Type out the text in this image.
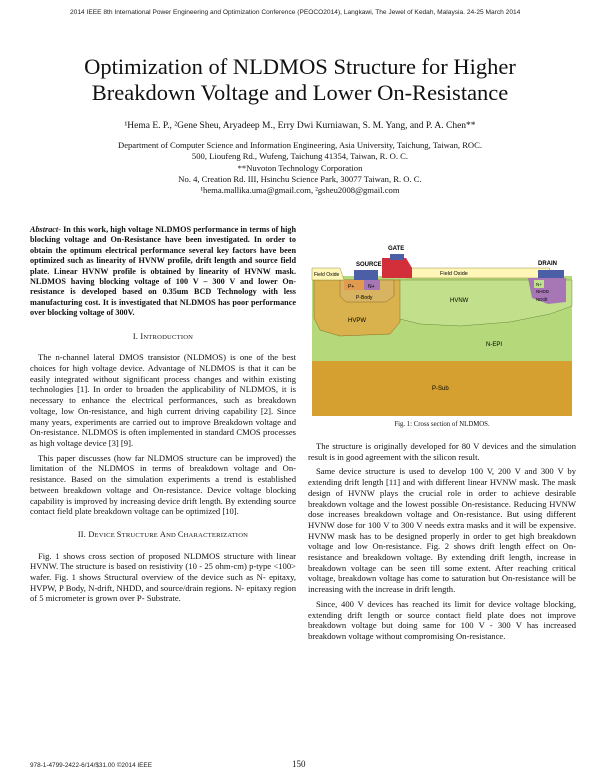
2014 IEEE 8th International Power Engineering and Optimization Conference (PEOCO2014), Langkawi, The Jewel of Kedah, Malaysia. 24-25 March 2014
Optimization of NLDMOS Structure for Higher
Breakdown Voltage and Lower On-Resistance
¹Hema E. P., ²Gene Sheu, Aryadeep M., Erry Dwi Kurniawan, S. M. Yang, and P. A. Chen**
Department of Computer Science and Information Engineering, Asia University, Taichung, Taiwan, ROC.
500, Lioufeng Rd., Wufeng, Taichung 41354, Taiwan, R. O. C.
**Nuvoton Technology Corporation
No. 4, Creation Rd. III, Hsinchu Science Park, 30077 Taiwan, R. O. C.
¹hema.mallika.uma@gmail.com, ²gsheu2008@gmail.com
Abstract- In this work, high voltage NLDMOS performance in terms of high blocking voltage and On-Resistance have been investigated. In order to obtain the optimum electrical performance several key factors have been optimized such as linearity of HVNW profile, drift length and source field plate. Linear HVNW profile is obtained by linearity of HVNW mask. NLDMOS having blocking voltage of 100 V – 300 V and lower On-resistance is developed based on 0.35um BCD Technology with less manufacturing cost. It is investigated that NLDMOS has poor performance over blocking voltage of 300V.
I. INTRODUCTION
The n-channel lateral DMOS transistor (NLDMOS) is one of the best choices for high voltage device. Advantage of NLDMOS is that it can be easily integrated without significant process changes and within existing technologies [1]. In order to broaden the applicability of NLDMOS, it is necessary to enhance the electrical performances, such as breakdown voltage, low On-resistance, and high current driving capability [2]. Since many years, experiments are carried out to improve Breakdown voltage and On-resistance. NLDMOS is often implemented in standard CMOS processes as high voltage device [3] [9].
This paper discusses (how far NLDMOS structure can be improved) the limitation of the NLDMOS in terms of breakdown voltage and On-resistance. Based on the simulation experiments a trend is established between breakdown voltage and On-resistance. Device voltage blocking capability is improved by increasing device drift length. By extending source contact field plate breakdown voltage can be optimized [10].
II. DEVICE STRUCTURE AND CHARACTERIZATION
Fig. 1 shows cross section of proposed NLDMOS structure with linear HVNW. The structure is based on resistivity (10 - 25 ohm-cm) p-type <100> wafer. Fig. 1 shows Structural overview of the device such as N- epitaxy, HVPW, P Body, N-drift, NHDD, and source/drain regions. N- epitaxy region of 5 micrometer is grown over P- Substrate.
SOURCE
GATE
DRAIN
Field Oxide	Field Oxide
N+
P+
P-Body
HVPW
HVNW
N-EPI
P-Sub
N+
NHDD
NDrift
Fig. 1: Cross section of NLDMOS.
The structure is originally developed for 80 V devices and the simulation result is in good agreement with the silicon result.
Same device structure is used to develop 100 V, 200 V and 300 V by extending drift length [11] and with different linear HVNW mask. The mask design of HVNW plays the crucial role in order to achieve desirable breakdown voltage and the lowest possible On-resistance. Reducing HVNW dose increases breakdown voltage and On-resistance. But using different HVNW dose for 100 V to 300 V needs extra masks and it will be expensive. HVNW mask has to be designed properly in order to get high breakdown voltage and low On-resistance. Fig. 2 shows drift length effect on On-resistance and breakdown voltage. By extending drift length, increase in breakdown voltage can be seen till some extent. After reaching critical voltage, breakdown voltage has come to saturation but On-resistance will be increasing with the increase in drift length.
Since, 400 V devices has reached its limit for device voltage blocking, extending drift length or source contact field plate does not improve breakdown voltage but doing same for 100 V - 300 V has increased breakdown voltage without compromising On-resistance.
978-1-4799-2422-6/14/$31.00 ©2014 IEEE	150
